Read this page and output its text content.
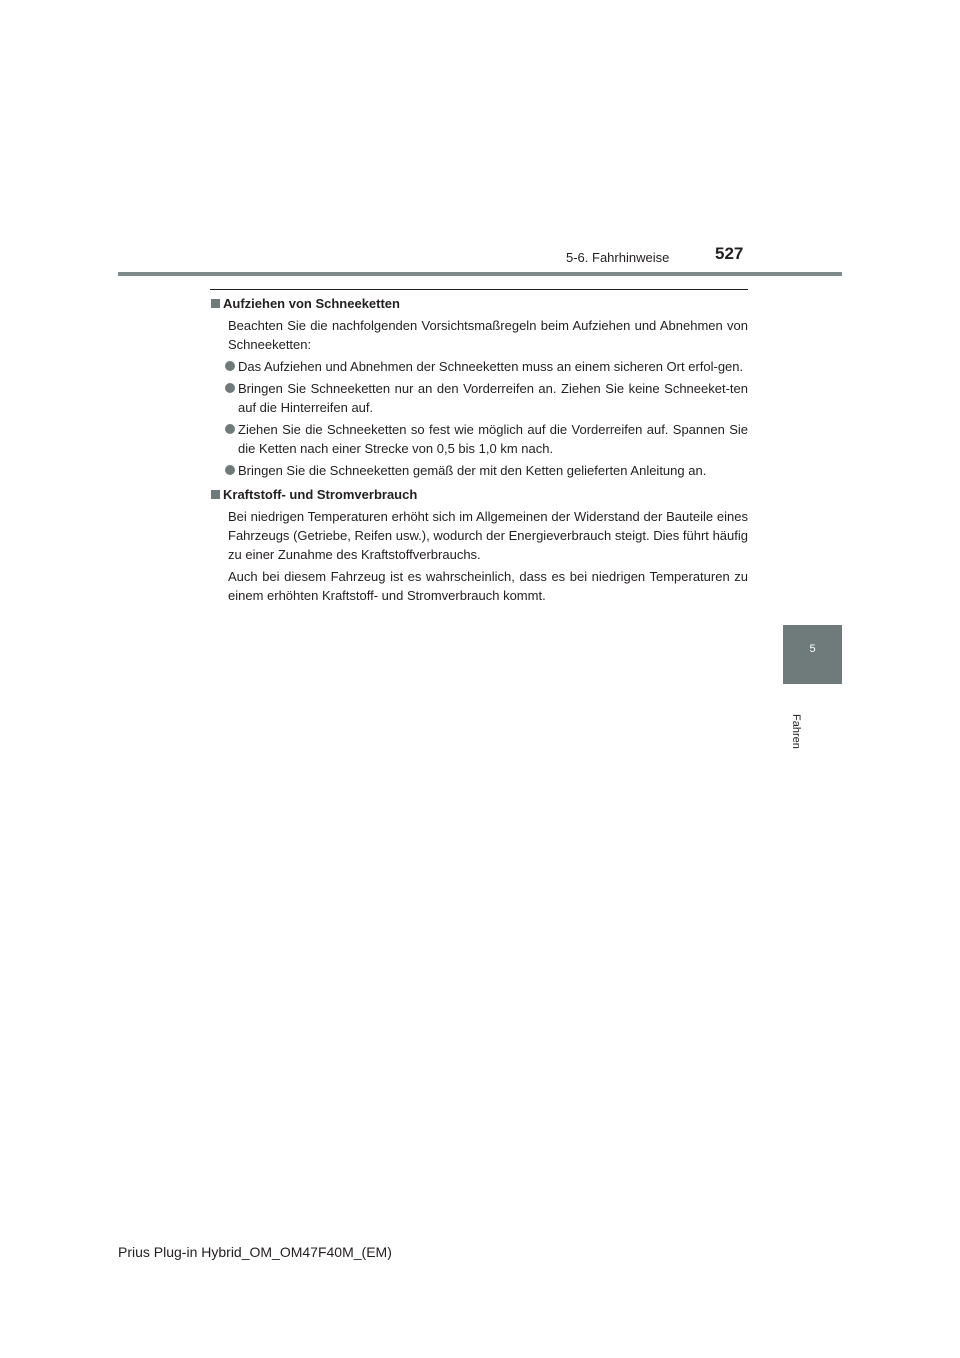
5-6. Fahrhinweise	527
5
Fahren
Aufziehen von Schneeketten

Beachten Sie die nachfolgenden Vorsichtsmaßregeln beim Aufziehen und Abnehmen von Schneeketten:

Das Aufziehen und Abnehmen der Schneeketten muss an einem sicheren Ort erfol-gen.
Bringen Sie Schneeketten nur an den Vorderreifen an. Ziehen Sie keine Schneeket-ten auf die Hinterreifen auf.
Ziehen Sie die Schneeketten so fest wie möglich auf die Vorderreifen auf. Spannen Sie die Ketten nach einer Strecke von 0,5 bis 1,0 km nach.
Bringen Sie die Schneeketten gemäß der mit den Ketten gelieferten Anleitung an.
Kraftstoff- und Stromverbrauch

Bei niedrigen Temperaturen erhöht sich im Allgemeinen der Widerstand der Bauteile eines Fahrzeugs (Getriebe, Reifen usw.), wodurch der Energieverbrauch steigt. Dies führt häufig zu einer Zunahme des Kraftstoffverbrauchs.

Auch bei diesem Fahrzeug ist es wahrscheinlich, dass es bei niedrigen Temperaturen zu einem erhöhten Kraftstoff- und Stromverbrauch kommt.

Prius Plug-in Hybrid_OM_OM47F40M_(EM)
